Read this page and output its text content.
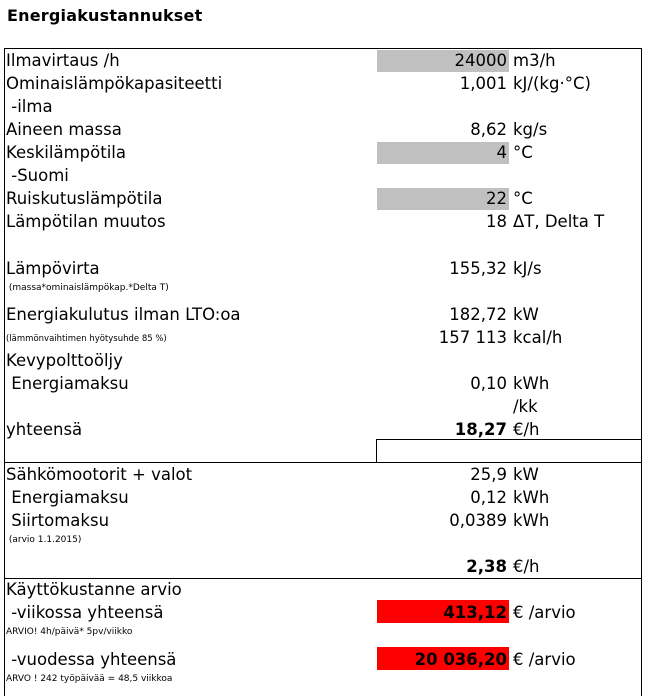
Energiakustannukset
Ilmavirtaus /h	24000 m3/h
Ominaislämpökapasiteetti	1,001 kJ/(kg·°C)
-ilma
Aineen massa	8,62 kg/s
Keskilämpötila	4 °C
-Suomi
Ruiskutuslämpötila	22 °C
Lämpötilan muutos	18 ΔT, Delta T
Lämpövirta	155,32 kJ/s
(massa*ominaislämpökap.*Delta T)
Energiakulutus ilman LTO:oa	182,72 kW
(lämmönvaihtimen hyötysuhde 85 %)	157 113 kcal/h
Kevypolttoöljy
Energiamaksu	0,10 kWh
/kk
yhteensä	18,27 €/h
Sähkömootorit + valot	25,9 kW
Energiamaksu	0,12 kWh
Siirtomaksu	0,0389 kWh
(arvio 1.1.2015)
2,38 €/h
Käyttökustanne arvio
-viikossa yhteensä	413,12 € /arvio
ARVIO! 4h/päivä* 5pv/viikko
-vuodessa yhteensä	20 036,20 € /arvio
ARVO ! 242 työpäivää = 48,5 viikkoa
